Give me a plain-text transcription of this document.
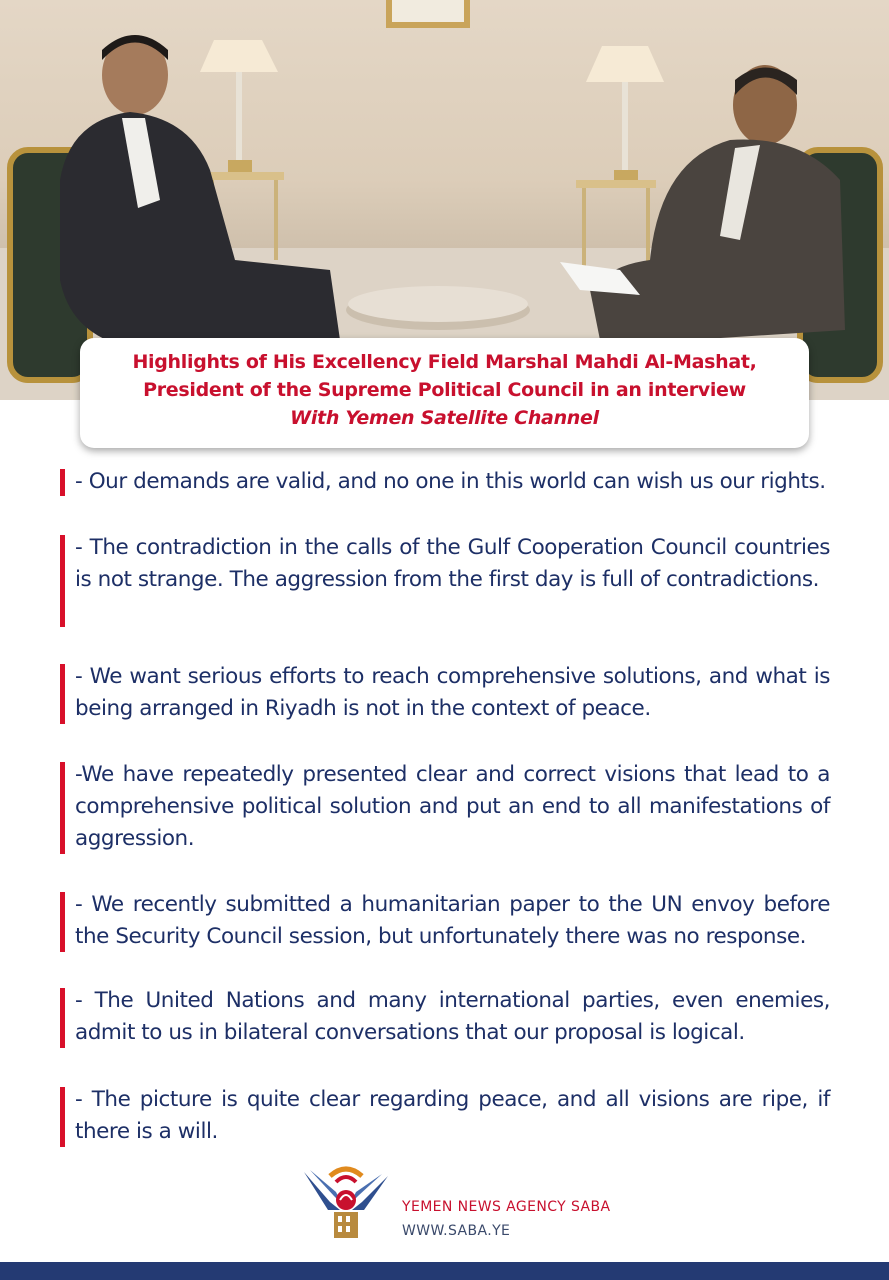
Highlights of His Excellency Field Marshal Mahdi Al-Mashat,
President of the Supreme Political Council in an interview
With Yemen Satellite Channel

- Our demands are valid, and no one in this world can wish us our rights.

- The contradiction in the calls of the Gulf Cooperation Council countries is not strange. The aggression from the first day is full of contradictions.

- We want serious efforts to reach comprehensive solutions, and what is being arranged in Riyadh is not in the context of peace.

-We have repeatedly presented clear and correct visions that lead to a comprehensive political solution and put an end to all manifestations of aggression.

- We recently submitted a humanitarian paper to the UN envoy before the Security Council session, but unfortunately there was no response.

- The United Nations and many international parties, even enemies, admit to us in bilateral conversations that our proposal is logical.

- The picture is quite clear regarding peace, and all visions are ripe, if there is a will.

YEMEN NEWS AGENCY SABA
WWW.SABA.YE
